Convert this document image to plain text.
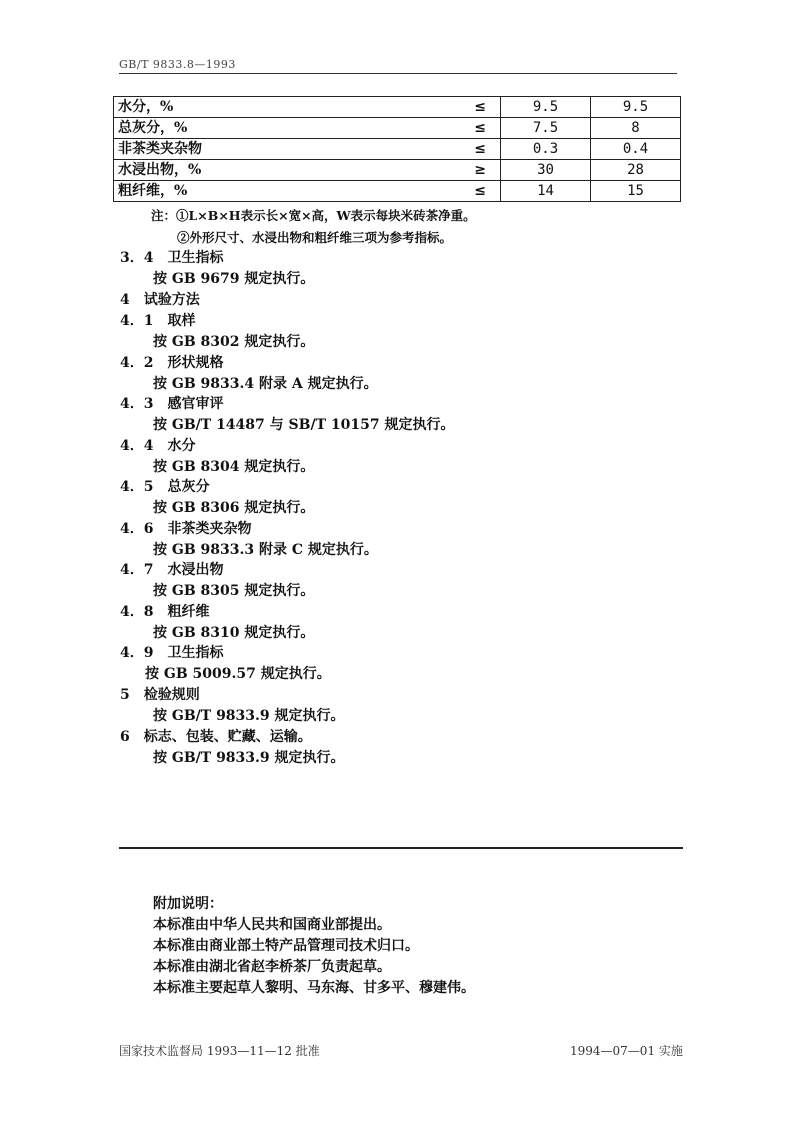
GB/T 9833.8—1993
水分，%	≤	9.5	9.5
总灰分，%	≤	7.5	8
非茶类夹杂物	≤	0.3	0.4
水浸出物，%	≥	30	28
粗纤维，%	≤	14	15
注：①L×B×H表示长×宽×高，W表示每块米砖茶净重。
②外形尺寸、水浸出物和粗纤维三项为参考指标。
3．4　卫生指标
按 GB 9679 规定执行。
4　试验方法
4．1　取样
按 GB 8302 规定执行。
4．2　形状规格
按 GB 9833.4 附录 A 规定执行。
4．3　感官审评
按 GB/T 14487 与 SB/T 10157 规定执行。
4．4　水分
按 GB 8304 规定执行。
4．5　总灰分
按 GB 8306 规定执行。
4．6　非茶类夹杂物
按 GB 9833.3 附录 C 规定执行。
4．7　水浸出物
按 GB 8305 规定执行。
4．8　粗纤维
按 GB 8310 规定执行。
4．9　卫生指标
按 GB 5009.57 规定执行。
5　检验规则
按 GB/T 9833.9 规定执行。
6　标志、包装、贮藏、运输。
按 GB/T 9833.9 规定执行。
附加说明：
本标准由中华人民共和国商业部提出。
本标准由商业部土特产品管理司技术归口。
本标准由湖北省赵李桥茶厂负责起草。
本标准主要起草人黎明、马东海、甘多平、穆建伟。
国家技术监督局 1993—11—12 批准	1994—07—01 实施
